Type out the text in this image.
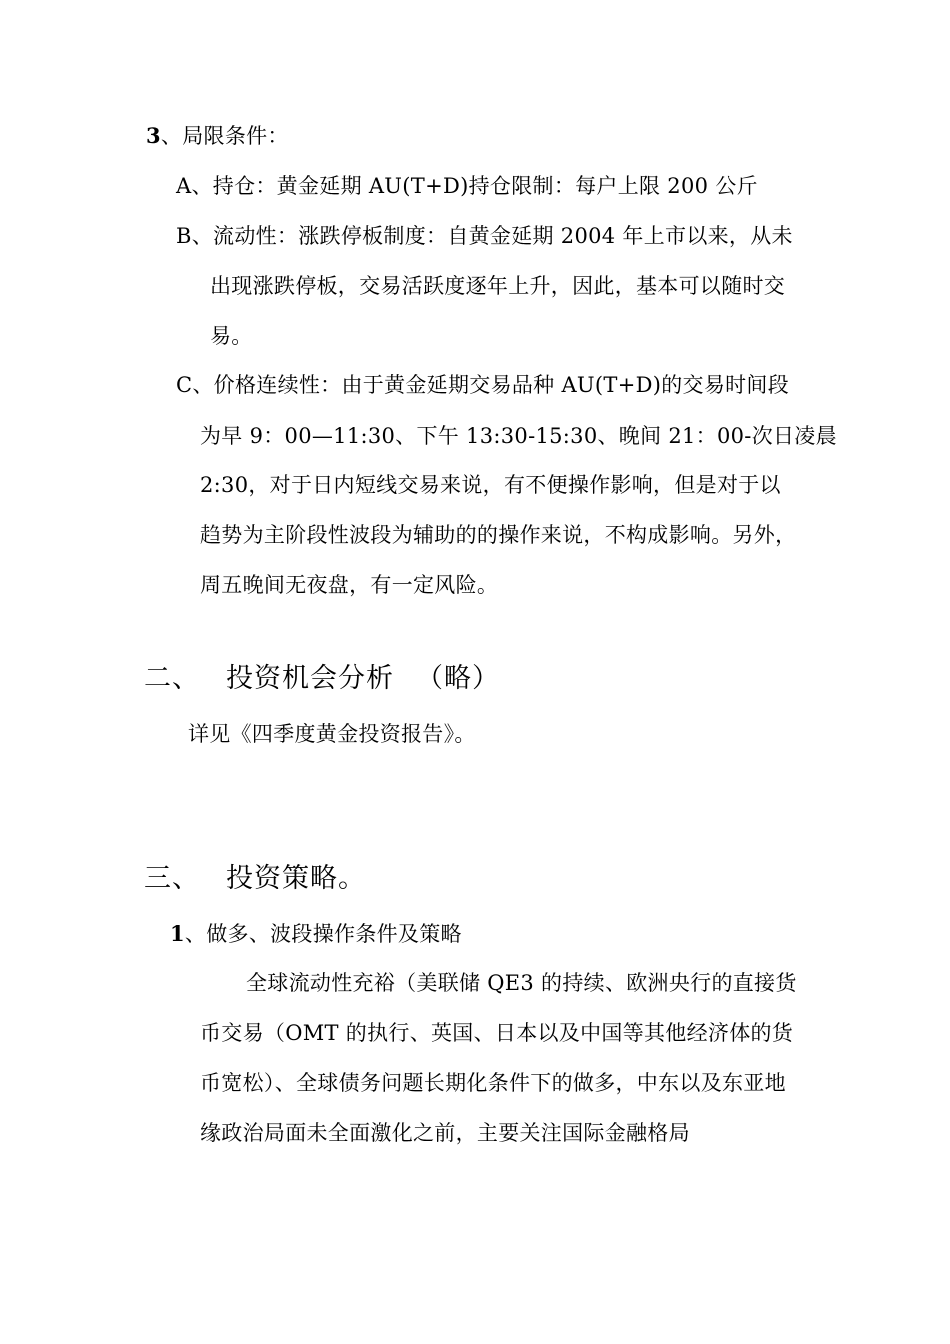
3、局限条件：
A、持仓：黄金延期 AU(T+D)持仓限制：每户上限 200 公斤
B、流动性：涨跌停板制度：自黄金延期 2004 年上市以来，从未
出现涨跌停板，交易活跃度逐年上升，因此，基本可以随时交
易。
C、价格连续性：由于黄金延期交易品种 AU(T+D)的交易时间段
为早 9：00—11:30、下午 13:30-15:30、晚间 21：00-次日凌晨
2:30，对于日内短线交易来说，有不便操作影响，但是对于以
趋势为主阶段性波段为辅助的的操作来说，不构成影响。另外，
周五晚间无夜盘，有一定风险。
二、 投资机会分析 （略）
详见《四季度黄金投资报告》。
三、 投资策略。
1、做多、波段操作条件及策略
全球流动性充裕（美联储 QE3 的持续、欧洲央行的直接货
币交易（OMT 的执行、英国、日本以及中国等其他经济体的货
币宽松）、全球债务问题长期化条件下的做多，中东以及东亚地
缘政治局面未全面激化之前，主要关注国际金融格局
